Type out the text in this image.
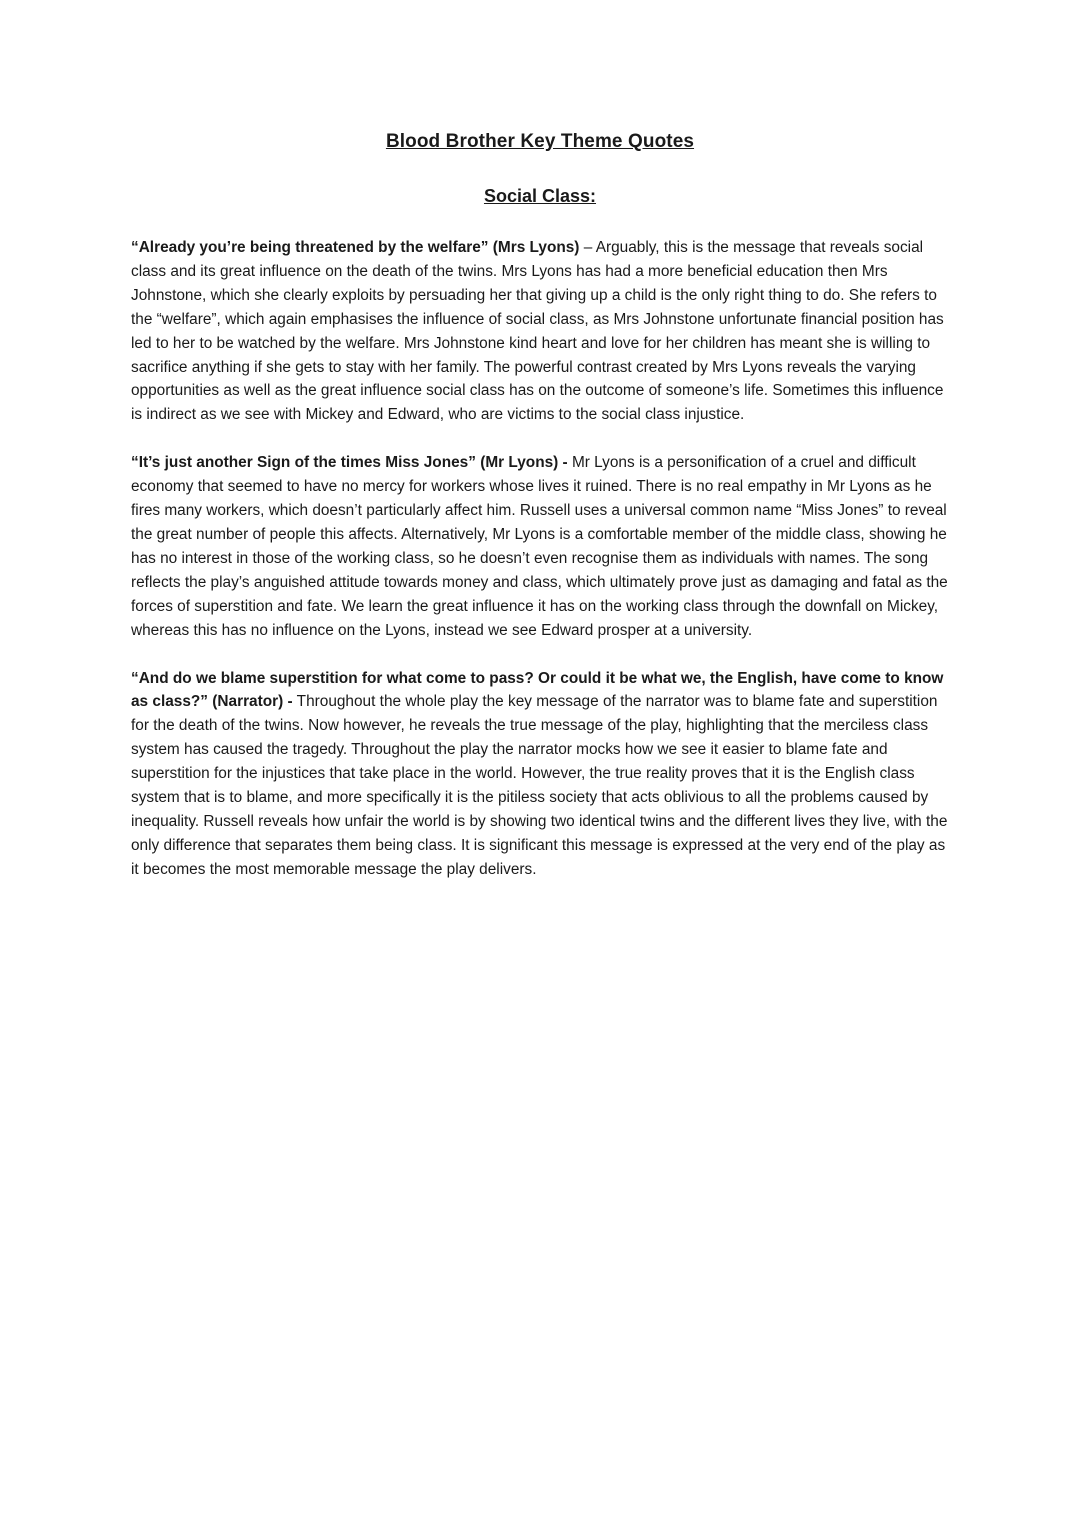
Blood Brother Key Theme Quotes
Social Class:

“Already you’re being threatened by the welfare” (Mrs Lyons) – Arguably, this is the message that reveals social class and its great influence on the death of the twins. Mrs Lyons has had a more beneficial education then Mrs Johnstone, which she clearly exploits by persuading her that giving up a child is the only right thing to do. She refers to the “welfare”, which again emphasises the influence of social class, as Mrs Johnstone unfortunate financial position has led to her to be watched by the welfare. Mrs Johnstone kind heart and love for her children has meant she is willing to sacrifice anything if she gets to stay with her family. The powerful contrast created by Mrs Lyons reveals the varying opportunities as well as the great influence social class has on the outcome of someone’s life. Sometimes this influence is indirect as we see with Mickey and Edward, who are victims to the social class injustice.

“It’s just another Sign of the times Miss Jones” (Mr Lyons) - Mr Lyons is a personification of a cruel and difficult economy that seemed to have no mercy for workers whose lives it ruined. There is no real empathy in Mr Lyons as he fires many workers, which doesn’t particularly affect him. Russell uses a universal common name “Miss Jones” to reveal the great number of people this affects. Alternatively, Mr Lyons is a comfortable member of the middle class, showing he has no interest in those of the working class, so he doesn’t even recognise them as individuals with names. The song reflects the play’s anguished attitude towards money and class, which ultimately prove just as damaging and fatal as the forces of superstition and fate. We learn the great influence it has on the working class through the downfall on Mickey, whereas this has no influence on the Lyons, instead we see Edward prosper at a university.

“And do we blame superstition for what come to pass? Or could it be what we, the English, have come to know as class?” (Narrator) - Throughout the whole play the key message of the narrator was to blame fate and superstition for the death of the twins. Now however, he reveals the true message of the play, highlighting that the merciless class system has caused the tragedy. Throughout the play the narrator mocks how we see it easier to blame fate and superstition for the injustices that take place in the world. However, the true reality proves that it is the English class system that is to blame, and more specifically it is the pitiless society that acts oblivious to all the problems caused by inequality. Russell reveals how unfair the world is by showing two identical twins and the different lives they live, with the only difference that separates them being class. It is significant this message is expressed at the very end of the play as it becomes the most memorable message the play delivers.
